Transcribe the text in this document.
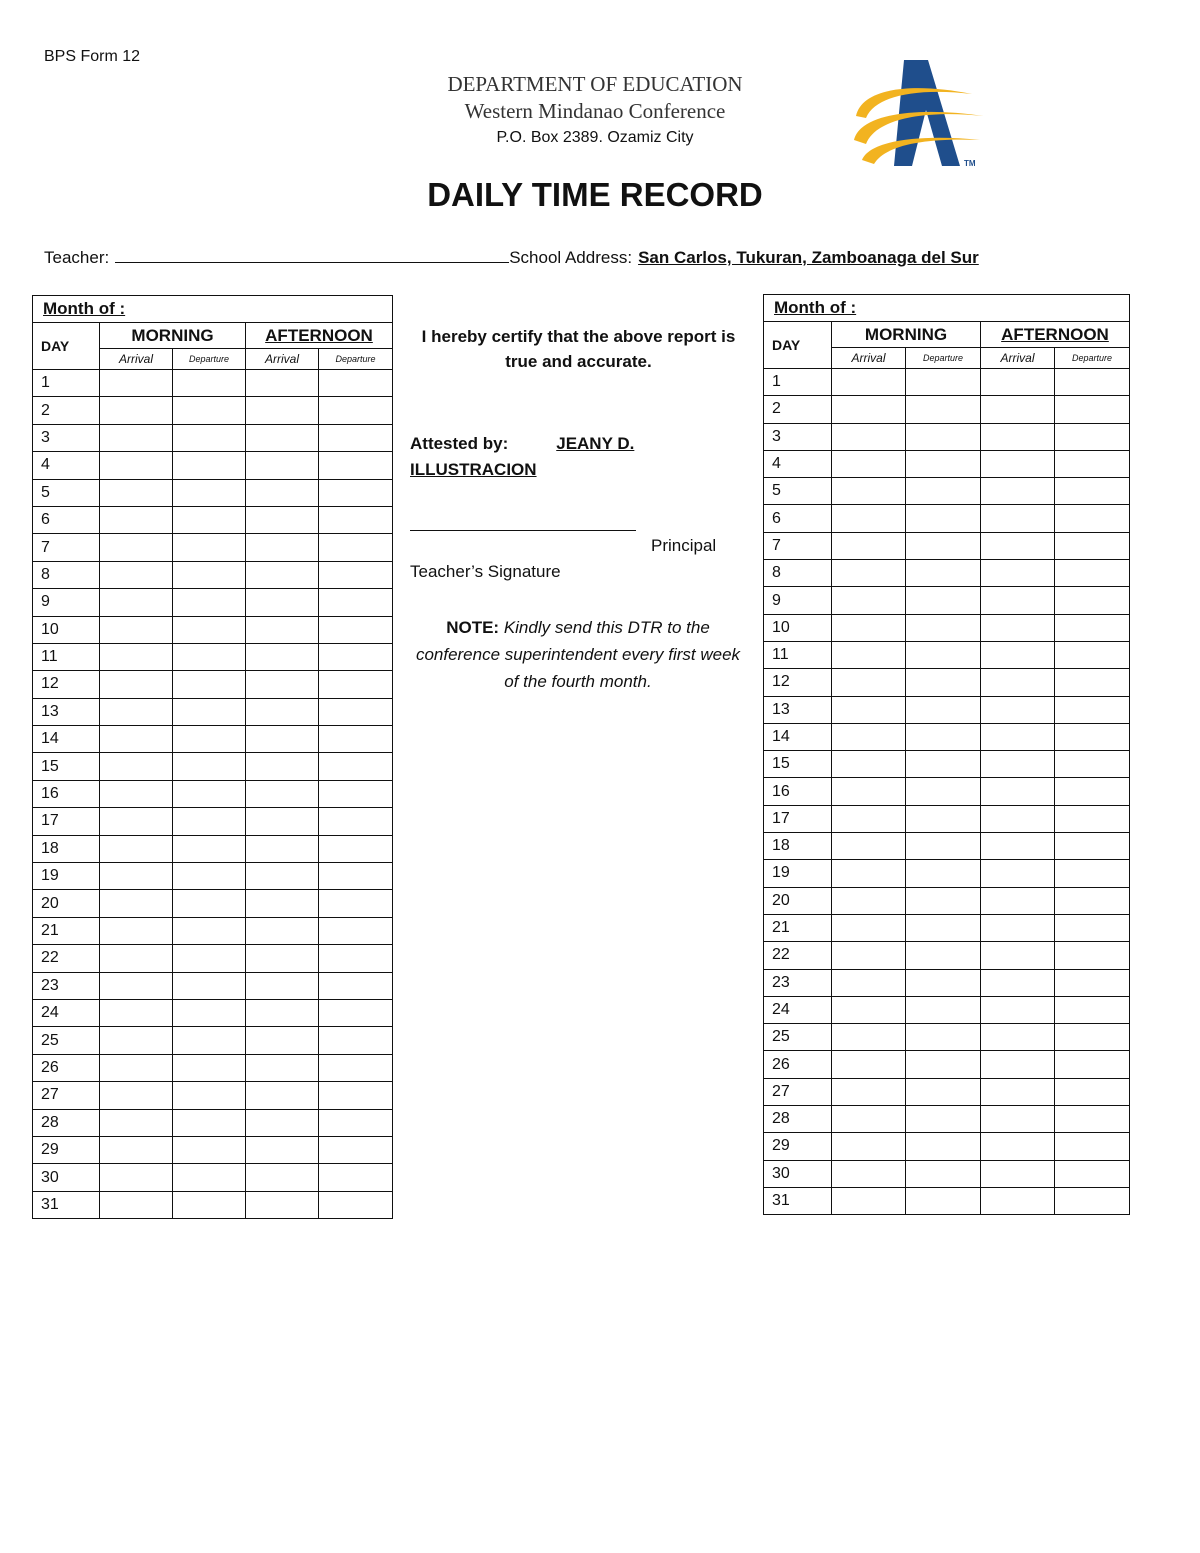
BPS Form 12
DEPARTMENT OF EDUCATION
Western Mindanao Conference
P.O. Box 2389. Ozamiz City
DAILY TIME RECORD
TM
Teacher:	School Address: San Carlos, Tukuran, Zamboanaga del Sur
Month of :				
DAY	MORNING		AFTERNOON	
	Arrival	Departure	Arrival	Departure
1				
2				
3				
4				
5				
6				
7				
8				
9				
10				
11				
12				
13				
14				
15				
16				
17				
18				
19				
20				
21				
22				
23				
24				
25				
26				
27				
28				
29				
30				
31				
I hereby certify that the above report is true and accurate.
Attested by:	JEANY D.
ILLUSTRACION
Principal
Teacher’s Signature
NOTE: Kindly send this DTR to the conference superintendent every first week of the fourth month.
Month of :				
DAY	MORNING		AFTERNOON	
	Arrival	Departure	Arrival	Departure
1				
2				
3				
4				
5				
6				
7				
8				
9				
10				
11				
12				
13				
14				
15				
16				
17				
18				
19				
20				
21				
22				
23				
24				
25				
26				
27				
28				
29				
30				
31				
